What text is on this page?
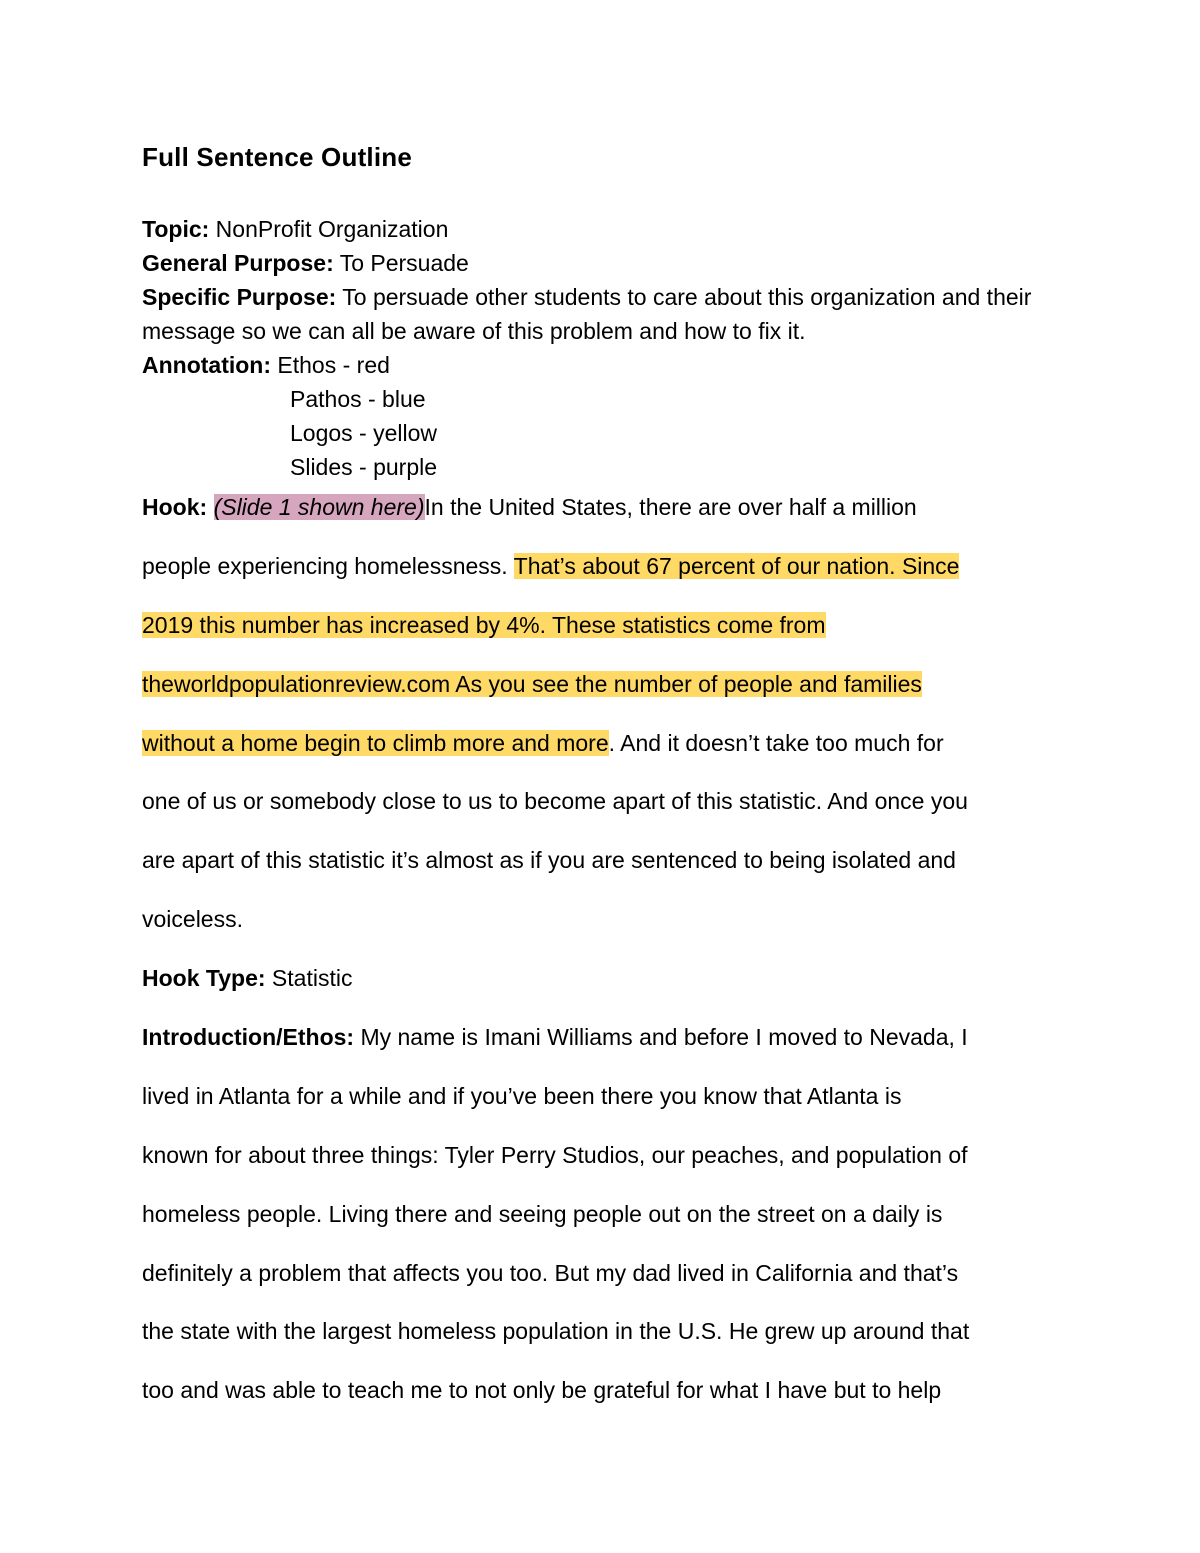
Full Sentence Outline
Topic: NonProfit Organization
General Purpose: To Persuade
Specific Purpose: To persuade other students to care about this organization and their message so we can all be aware of this problem and how to fix it.
Annotation: Ethos - red
Pathos - blue
Logos - yellow
Slides - purple
Hook: (Slide 1 shown here)In the United States, there are over half a million
people experiencing homelessness. That’s about 67 percent of our nation. Since
2019 this number has increased by 4%. These statistics come from
theworldpopulationreview.com As you see the number of people and families
without a home begin to climb more and more. And it doesn’t take too much for
one of us or somebody close to us to become apart of this statistic. And once you
are apart of this statistic it’s almost as if you are sentenced to being isolated and
voiceless.
Hook Type: Statistic
Introduction/Ethos: My name is Imani Williams and before I moved to Nevada, I
lived in Atlanta for a while and if you’ve been there you know that Atlanta is
known for about three things: Tyler Perry Studios, our peaches, and population of
homeless people. Living there and seeing people out on the street on a daily is
definitely a problem that affects you too. But my dad lived in California and that’s
the state with the largest homeless population in the U.S. He grew up around that
too and was able to teach me to not only be grateful for what I have but to help
